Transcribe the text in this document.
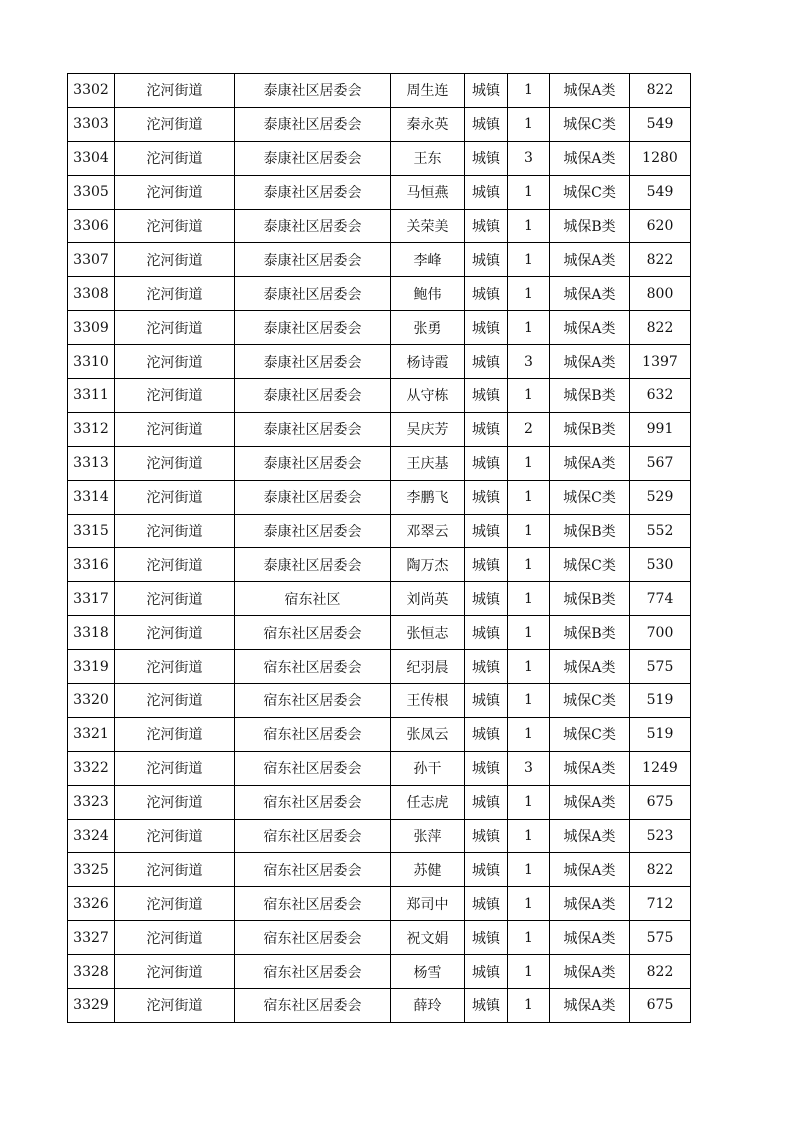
3302	沱河街道	泰康社区居委会	周生连	城镇	1	城保A类	822
3303	沱河街道	泰康社区居委会	秦永英	城镇	1	城保C类	549
3304	沱河街道	泰康社区居委会	王东	城镇	3	城保A类	1280
3305	沱河街道	泰康社区居委会	马恒燕	城镇	1	城保C类	549
3306	沱河街道	泰康社区居委会	关荣美	城镇	1	城保B类	620
3307	沱河街道	泰康社区居委会	李峰	城镇	1	城保A类	822
3308	沱河街道	泰康社区居委会	鲍伟	城镇	1	城保A类	800
3309	沱河街道	泰康社区居委会	张勇	城镇	1	城保A类	822
3310	沱河街道	泰康社区居委会	杨诗霞	城镇	3	城保A类	1397
3311	沱河街道	泰康社区居委会	从守栋	城镇	1	城保B类	632
3312	沱河街道	泰康社区居委会	吴庆芳	城镇	2	城保B类	991
3313	沱河街道	泰康社区居委会	王庆基	城镇	1	城保A类	567
3314	沱河街道	泰康社区居委会	李鹏飞	城镇	1	城保C类	529
3315	沱河街道	泰康社区居委会	邓翠云	城镇	1	城保B类	552
3316	沱河街道	泰康社区居委会	陶万杰	城镇	1	城保C类	530
3317	沱河街道	宿东社区	刘尚英	城镇	1	城保B类	774
3318	沱河街道	宿东社区居委会	张恒志	城镇	1	城保B类	700
3319	沱河街道	宿东社区居委会	纪羽晨	城镇	1	城保A类	575
3320	沱河街道	宿东社区居委会	王传根	城镇	1	城保C类	519
3321	沱河街道	宿东社区居委会	张凤云	城镇	1	城保C类	519
3322	沱河街道	宿东社区居委会	孙干	城镇	3	城保A类	1249
3323	沱河街道	宿东社区居委会	任志虎	城镇	1	城保A类	675
3324	沱河街道	宿东社区居委会	张萍	城镇	1	城保A类	523
3325	沱河街道	宿东社区居委会	苏健	城镇	1	城保A类	822
3326	沱河街道	宿东社区居委会	郑司中	城镇	1	城保A类	712
3327	沱河街道	宿东社区居委会	祝文娟	城镇	1	城保A类	575
3328	沱河街道	宿东社区居委会	杨雪	城镇	1	城保A类	822
3329	沱河街道	宿东社区居委会	薛玲	城镇	1	城保A类	675
